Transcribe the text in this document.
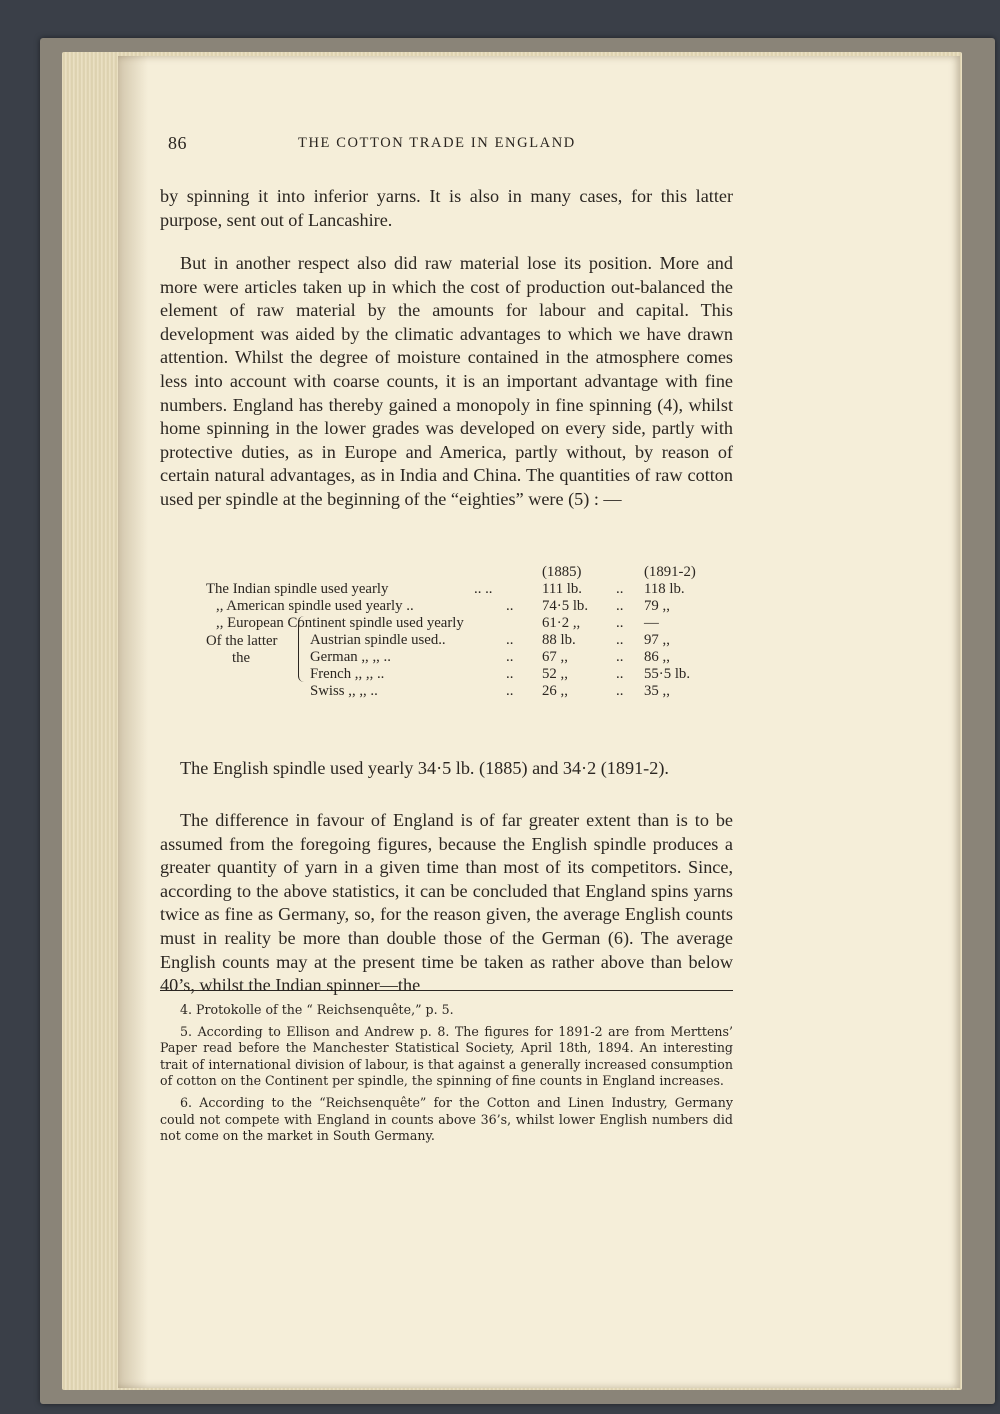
86	THE COTTON TRADE IN ENGLAND

by spinning it into inferior yarns. It is also in many cases, for this latter purpose, sent out of Lancashire.

But in another respect also did raw material lose its position. More and more were articles taken up in which the cost of production out-balanced the element of raw material by the amounts for labour and capital. This development was aided by the climatic advantages to which we have drawn attention. Whilst the degree of moisture contained in the atmosphere comes less into account with coarse counts, it is an important advantage with fine numbers. England has thereby gained a monopoly in fine spinning (4), whilst home spinning in the lower grades was developed on every side, partly with protective duties, as in Europe and America, partly without, by reason of certain natural advantages, as in India and China. The quantities of raw cotton used per spindle at the beginning of the “eighties” were (5) : —

(1885)	(1891-2)
The Indian spindle used yearly	.. ..	111 lb. .. 118 lb.
,, American spindle used yearly ..	.. 74·5 lb. .. 79 ,,
,, European Continent spindle used yearly	61·2 ,, .. —
Of the latter
the
Austrian spindle used..	.. 88 lb.	.. 97 ,,
German ,, ,, ..	.. 67 ,,	.. 86 ,,
French ,, ,, ..	.. 52 ,,	.. 55·5 lb.
Swiss ,, ,, ..	.. 26 ,,	.. 35 ,,

The English spindle used yearly 34·5 lb. (1885) and 34·2 (1891-2).

The difference in favour of England is of far greater extent than is to be assumed from the foregoing figures, because the English spindle produces a greater quantity of yarn in a given time than most of its competitors. Since, according to the above statistics, it can be concluded that England spins yarns twice as fine as Germany, so, for the reason given, the average English counts must in reality be more than double those of the German (6). The average English counts may at the present time be taken as rather above than below 40’s, whilst the Indian spinner—the

4. Protokolle of the “ Reichsenquête,” p. 5.

5. According to Ellison and Andrew p. 8. The figures for 1891-2 are from Merttens’ Paper read before the Manchester Statistical Society, April 18th, 1894. An interesting trait of international division of labour, is that against a generally increased consumption of cotton on the Continent per spindle, the spinning of fine counts in England increases.

6. According to the “Reichsenquête” for the Cotton and Linen Industry, Germany could not compete with England in counts above 36’s, whilst lower English numbers did not come on the market in South Germany.
